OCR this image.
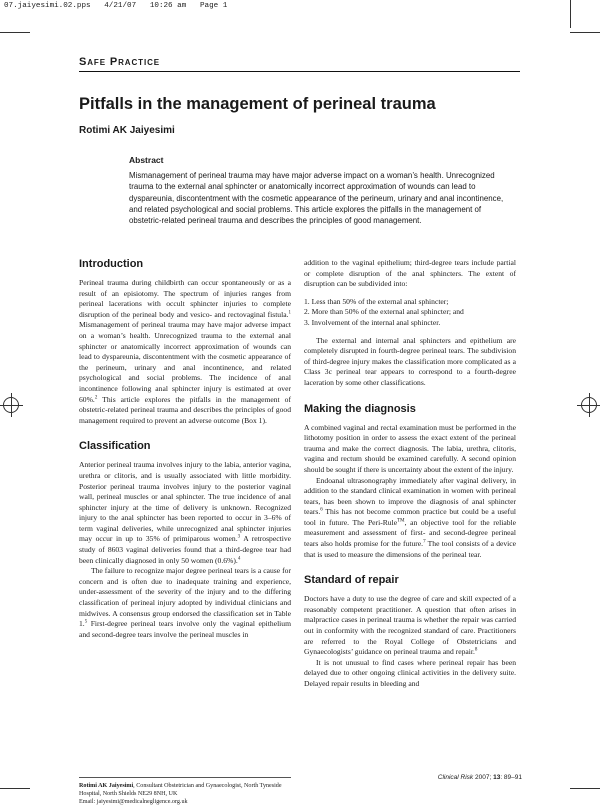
07.jaiyesimi.02.pps   4/21/07   10:26 am   Page 1
Safe Practice
Pitfalls in the management of perineal trauma
Rotimi AK Jaiyesimi
Abstract
Mismanagement of perineal trauma may have major adverse impact on a woman’s health. Unrecognized trauma to the external anal sphincter or anatomically incorrect approximation of wounds can lead to dyspareunia, discontentment with the cosmetic appearance of the perineum, urinary and anal incontinence, and related psychological and social problems. This article explores the pitfalls in the management of obstetric-related perineal trauma and describes the principles of good management.
Introduction

Perineal trauma during childbirth can occur spontaneously or as a result of an episiotomy. The spectrum of injuries ranges from perineal lacerations with occult sphincter injuries to complete disruption of the perineal body and vesico- and rectovaginal fistula.$^1$ Mismanagement of perineal trauma may have major adverse impact on a woman’s health. Unrecognized trauma to the external anal sphincter or anatomically incorrect approximation of wounds can lead to dyspareunia, discontentment with the cosmetic appearance of the perineum, urinary and anal incontinence, and related psychological and social problems. The incidence of anal incontinence following anal sphincter injury is estimated at over 60%.$^2$ This article explores the pitfalls in the management of obstetric-related perineal trauma and describes the principles of good management required to prevent an adverse outcome (Box 1).

Classification

Anterior perineal trauma involves injury to the labia, anterior vagina, urethra or clitoris, and is usually associated with little morbidity. Posterior perineal trauma involves injury to the posterior vaginal wall, perineal muscles or anal sphincter. The true incidence of anal sphincter injury at the time of delivery is unknown. Recognized injury to the anal sphincter has been reported to occur in 3–6% of term vaginal deliveries, while unrecognized anal sphincter injuries may occur in up to 35% of primiparous women.$^3$ A retrospective study of 8603 vaginal deliveries found that a third-degree tear had been clinically diagnosed in only 50 women (0.6%).$^4$

The failure to recognize major degree perineal tears is a cause for concern and is often due to inadequate training and experience, under-assessment of the severity of the injury and to the differing classification of perineal injury adopted by individual clinicians and midwives. A consensus group endorsed the classification set in Table 1.$^5$ First-degree perineal tears involve only the vaginal epithelium and second-degree tears involve the perineal muscles in

addition to the vaginal epithelium; third-degree tears include partial or complete disruption of the anal sphincters. The extent of disruption can be subdivided into:

1. Less than 50% of the external anal sphincter;
2. More than 50% of the external anal sphincter; and
3. Involvement of the internal anal sphincter.

The external and internal anal sphincters and epithelium are completely disrupted in fourth-degree perineal tears. The subdivision of third-degree injury makes the classification more complicated as a Class 3c perineal tear appears to correspond to a fourth-degree laceration by some other classifications.

Making the diagnosis

A combined vaginal and rectal examination must be performed in the lithotomy position in order to assess the exact extent of the perineal trauma and make the correct diagnosis. The labia, urethra, clitoris, vagina and rectum should be examined carefully. A second opinion should be sought if there is uncertainty about the extent of the injury.

Endoanal ultrasonography immediately after vaginal delivery, in addition to the standard clinical examination in women with perineal tears, has been shown to improve the diagnosis of anal sphincter tears.$^6$ This has not become common practice but could be a useful tool in future. The Peri-Rule™, an objective tool for the reliable measurement and assessment of first- and second-degree perineal tears also holds promise for the future.$^7$ The tool consists of a device that is used to measure the dimensions of the perineal tear.

Standard of repair

Doctors have a duty to use the degree of care and skill expected of a reasonably competent practitioner. A question that often arises in malpractice cases in perineal trauma is whether the repair was carried out in conformity with the recognized standard of care. Practitioners are referred to the Royal College of Obstetricians and Gynaecologists’ guidance on perineal trauma and repair.$^8$

It is not unusual to find cases where perineal repair has been delayed due to other ongoing clinical activities in the delivery suite. Delayed repair results in bleeding and

Rotimi AK Jaiyesimi, Consultant Obstetrician and Gynaecologist, North Tyneside Hospital, North Shields NE29 8NH, UK
Email: jaiyesimi@medicalnegligence.org.uk
Clinical Risk 2007; 13: 89–91
